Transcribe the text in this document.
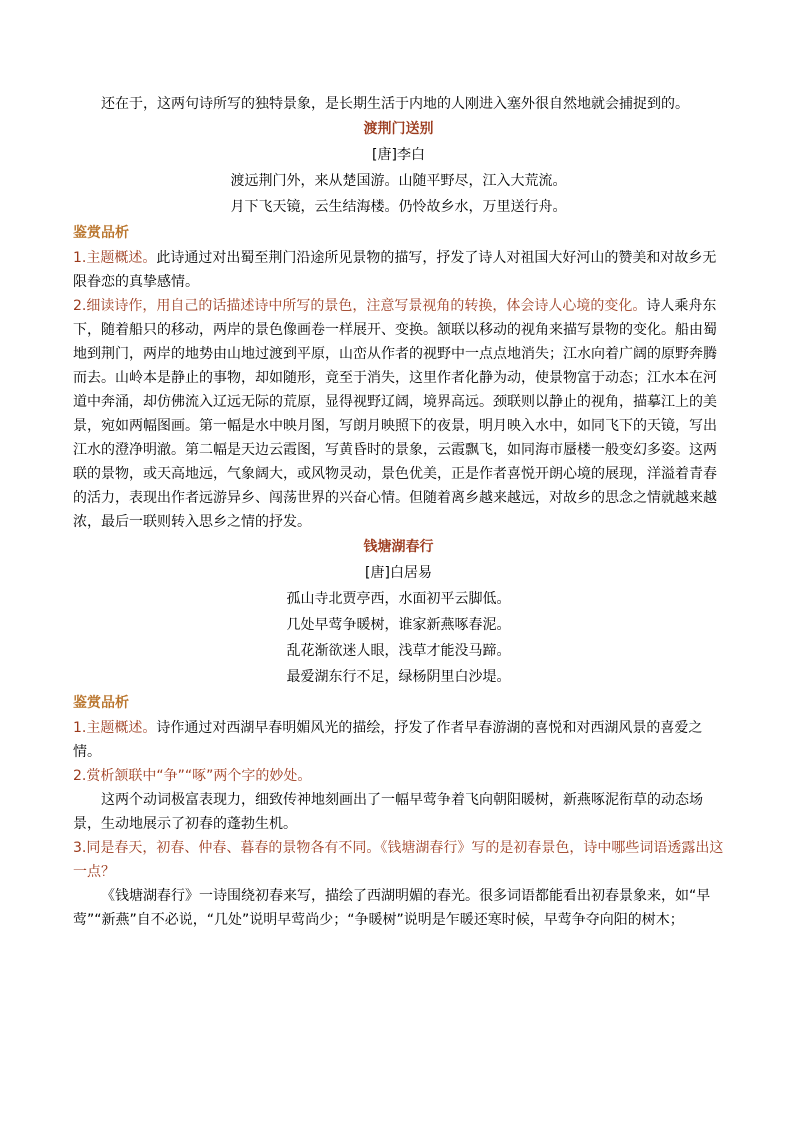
还在于，这两句诗所写的独特景象，是长期生活于内地的人刚进入塞外很自然地就会捕捉到的。

渡荆门送别

[唐]李白

渡远荆门外，来从楚国游。山随平野尽，江入大荒流。

月下飞天镜，云生结海楼。仍怜故乡水，万里送行舟。

鉴赏品析

1.主题概述。此诗通过对出蜀至荆门沿途所见景物的描写，抒发了诗人对祖国大好河山的赞美和对故乡无限眷恋的真挚感情。

2.细读诗作，用自己的话描述诗中所写的景色，注意写景视角的转换，体会诗人心境的变化。诗人乘舟东下，随着船只的移动，两岸的景色像画卷一样展开、变换。颔联以移动的视角来描写景物的变化。船由蜀地到荆门，两岸的地势由山地过渡到平原，山峦从作者的视野中一点点地消失；江水向着广阔的原野奔腾而去。山岭本是静止的事物，却如随形，竟至于消失，这里作者化静为动，使景物富于动态；江水本在河道中奔涌，却仿佛流入辽远无际的荒原，显得视野辽阔，境界高远。颈联则以静止的视角，描摹江上的美景，宛如两幅图画。第一幅是水中映月图，写朗月映照下的夜景，明月映入水中，如同飞下的天镜，写出江水的澄净明澈。第二幅是天边云霞图，写黄昏时的景象，云霞飘飞，如同海市蜃楼一般变幻多姿。这两联的景物，或天高地远，气象阔大，或风物灵动，景色优美，正是作者喜悦开朗心境的展现，洋溢着青春的活力，表现出作者远游异乡、闯荡世界的兴奋心情。但随着离乡越来越远，对故乡的思念之情就越来越浓，最后一联则转入思乡之情的抒发。

钱塘湖春行

[唐]白居易

孤山寺北贾亭西，水面初平云脚低。

几处早莺争暖树，谁家新燕啄春泥。

乱花渐欲迷人眼，浅草才能没马蹄。

最爱湖东行不足，绿杨阴里白沙堤。

鉴赏品析

1.主题概述。诗作通过对西湖早春明媚风光的描绘，抒发了作者早春游湖的喜悦和对西湖风景的喜爱之情。

2.赏析颔联中“争”“啄”两个字的妙处。

这两个动词极富表现力，细致传神地刻画出了一幅早莺争着飞向朝阳暖树，新燕啄泥衔草的动态场景，生动地展示了初春的蓬勃生机。

3.同是春天，初春、仲春、暮春的景物各有不同。《钱塘湖春行》写的是初春景色，诗中哪些词语透露出这一点？

《钱塘湖春行》一诗围绕初春来写，描绘了西湖明媚的春光。很多词语都能看出初春景象来，如“早莺”“新燕”自不必说，“几处”说明早莺尚少；“争暖树”说明是乍暖还寒时候，早莺争夺向阳的树木；
